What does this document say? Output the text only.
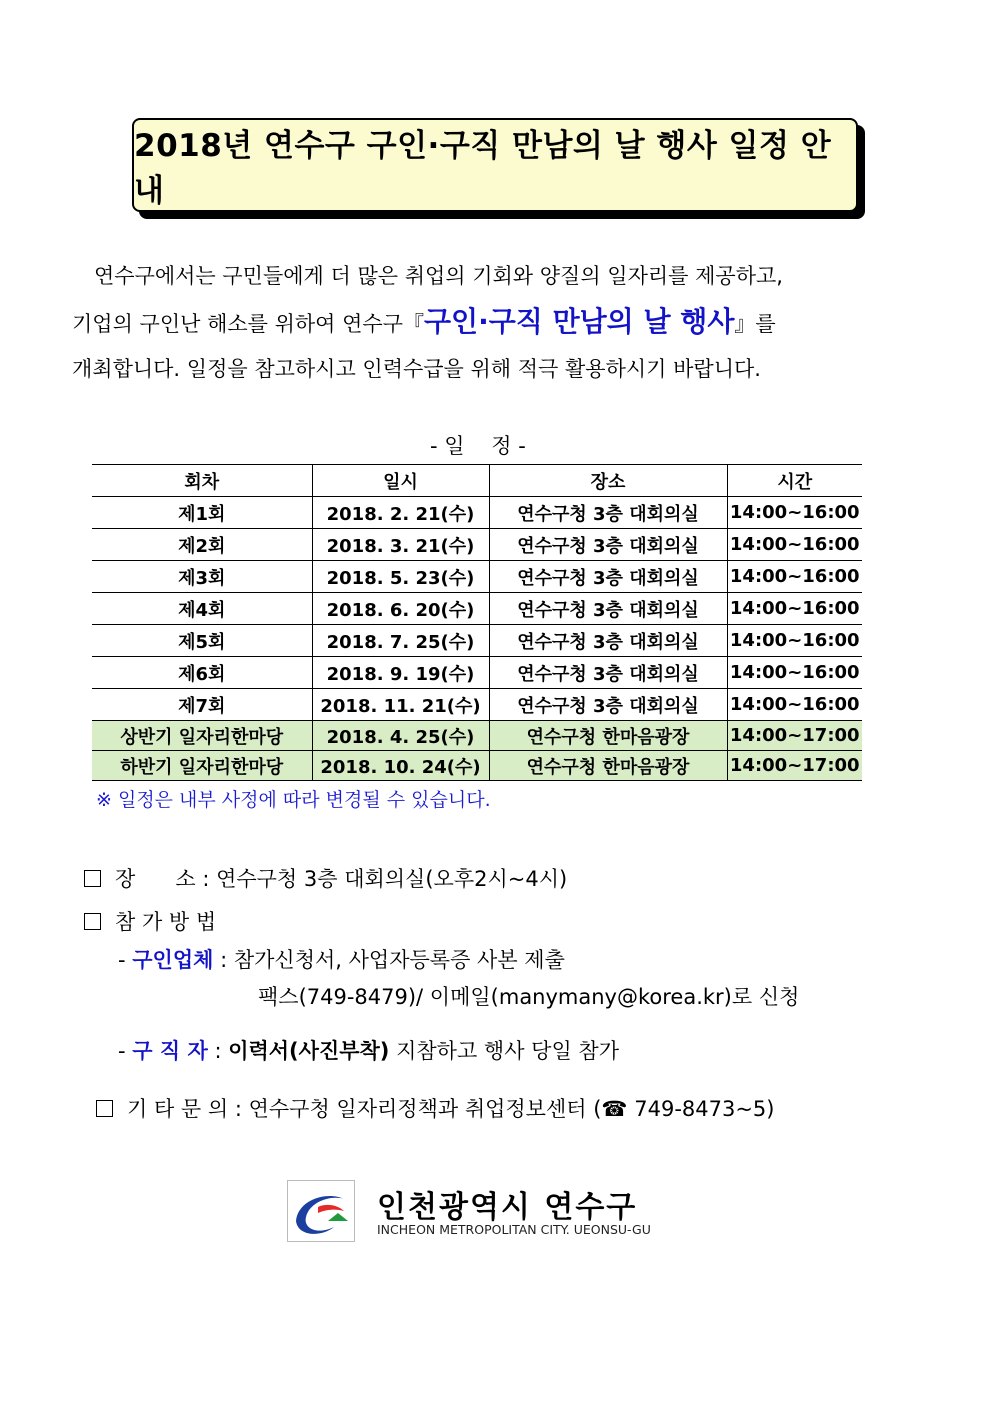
2018년 연수구 구인·구직 만남의 날 행사 일정 안내

연수구에서는 구민들에게 더 많은 취업의 기회와 양질의 일자리를 제공하고,

기업의 구인난 해소를 위하여 연수구『구인·구직 만남의 날 행사』를

개최합니다. 일정을 참고하시고 인력수급을 위해 적극 활용하시기 바랍니다.

- 일    정 -
회차	일시	장소	시간
제1회	2018. 2. 21(수)	연수구청 3층 대회의실	14:00~16:00
제2회	2018. 3. 21(수)	연수구청 3층 대회의실	14:00~16:00
제3회	2018. 5. 23(수)	연수구청 3층 대회의실	14:00~16:00
제4회	2018. 6. 20(수)	연수구청 3층 대회의실	14:00~16:00
제5회	2018. 7. 25(수)	연수구청 3층 대회의실	14:00~16:00
제6회	2018. 9. 19(수)	연수구청 3층 대회의실	14:00~16:00
제7회	2018. 11. 21(수)	연수구청 3층 대회의실	14:00~16:00
상반기 일자리한마당	2018. 4. 25(수)	연수구청 한마음광장	14:00~17:00
하반기 일자리한마당	2018. 10. 24(수)	연수구청 한마음광장	14:00~17:00
※ 일정은 내부 사정에 따라 변경될 수 있습니다.
장      소 : 연수구청 3층 대회의실(오후2시~4시)
참 가 방 법
- 구인업체 : 참가신청서, 사업자등록증 사본 제출
팩스(749-8479)/ 이메일(manymany@korea.kr)로 신청
- 구 직 자 : 이력서(사진부착) 지참하고 행사 당일 참가
기 타 문 의 : 연수구청 일자리정책과 취업정보센터 (☎ 749-8473~5)
인천광역시 연수구
INCHEON METROPOLITAN CITY. UEONSU-GU
